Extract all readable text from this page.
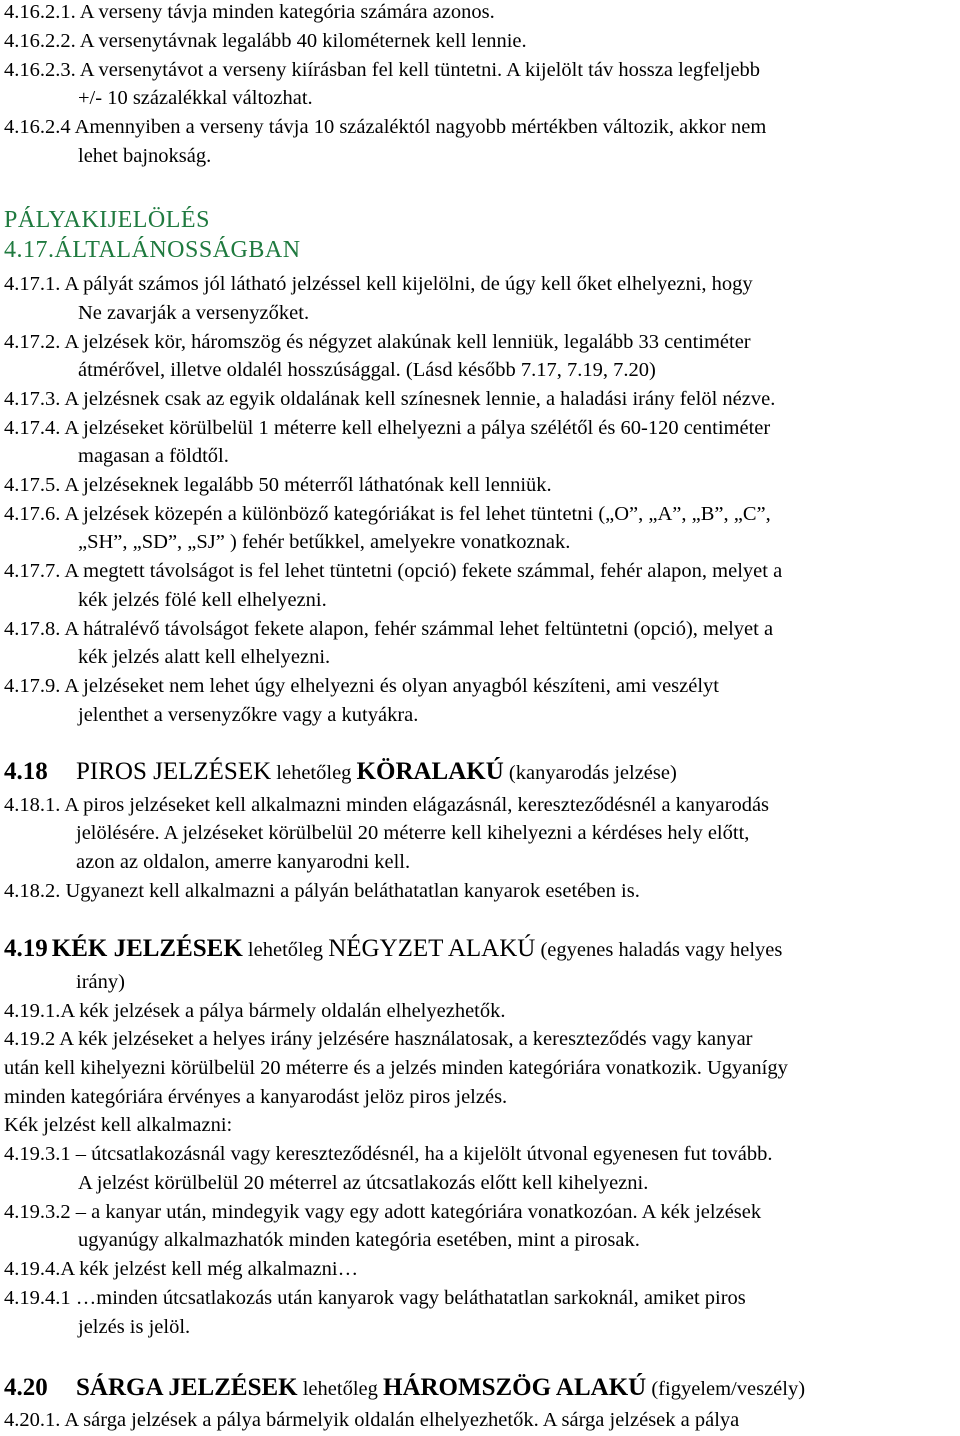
4.16.2.1. A verseny távja minden kategória számára azonos.
4.16.2.2. A versenytávnak legalább 40 kilométernek kell lennie.
4.16.2.3. A versenytávot a verseny kiírásban fel kell tüntetni. A kijelölt táv hossza legfeljebb
+/- 10 százalékkal változhat.
4.16.2.4 Amennyiben a verseny távja 10 százaléktól nagyobb mértékben változik, akkor nem
lehet bajnokság.
PÁLYAKIJELÖLÉS
4.17.ÁLTALÁNOSSÁGBAN
4.17.1. A pályát számos jól látható jelzéssel kell kijelölni, de úgy kell őket elhelyezni, hogy
Ne zavarják a versenyzőket.
4.17.2. A jelzések kör, háromszög és négyzet alakúnak kell lenniük, legalább 33 centiméter
átmérővel, illetve oldalél hosszúsággal. (Lásd később 7.17, 7.19, 7.20)
4.17.3. A jelzésnek csak az egyik oldalának kell színesnek lennie, a haladási irány felöl nézve.
4.17.4. A jelzéseket körülbelül 1 méterre kell elhelyezni a pálya szélétől és 60-120 centiméter
magasan a földtől.
4.17.5. A jelzéseknek legalább 50 méterről láthatónak kell lenniük.
4.17.6. A jelzések közepén a különböző kategóriákat is fel lehet tüntetni („O”, „A”, „B”, „C”,
„SH”, „SD”, „SJ” ) fehér betűkkel, amelyekre vonatkoznak.
4.17.7. A megtett távolságot is fel lehet tüntetni (opció) fekete számmal, fehér alapon, melyet a
kék jelzés fölé kell elhelyezni.
4.17.8. A hátralévő távolságot fekete alapon, fehér számmal lehet feltüntetni (opció), melyet a
kék jelzés alatt kell elhelyezni.
4.17.9. A jelzéseket nem lehet úgy elhelyezni és olyan anyagból készíteni, ami veszélyt
jelenthet a versenyzőkre vagy a kutyákra.
4.18 PIROS JELZÉSEK lehetőleg KÖRALAKÚ (kanyarodás jelzése)
4.18.1. A piros jelzéseket kell alkalmazni minden elágazásnál, kereszteződésnél a kanyarodás
jelölésére. A jelzéseket körülbelül 20 méterre kell kihelyezni a kérdéses hely előtt,
azon az oldalon, amerre kanyarodni kell.
4.18.2. Ugyanezt kell alkalmazni a pályán beláthatatlan kanyarok esetében is.
4.19 KÉK JELZÉSEK lehetőleg NÉGYZET ALAKÚ (egyenes haladás vagy helyes
irány)
4.19.1.A kék jelzések a pálya bármely oldalán elhelyezhetők.
4.19.2 A kék jelzéseket a helyes irány jelzésére használatosak, a kereszteződés vagy kanyar
után kell kihelyezni körülbelül 20 méterre és a jelzés minden kategóriára vonatkozik. Ugyanígy
minden kategóriára érvényes a kanyarodást jelöz piros jelzés.
Kék jelzést kell alkalmazni:
4.19.3.1 – útcsatlakozásnál vagy kereszteződésnél, ha a kijelölt útvonal egyenesen fut tovább.
A jelzést körülbelül 20 méterrel az útcsatlakozás előtt kell kihelyezni.
4.19.3.2 – a kanyar után, mindegyik vagy egy adott kategóriára vonatkozóan. A kék jelzések
ugyanúgy alkalmazhatók minden kategória esetében, mint a pirosak.
4.19.4.A kék jelzést kell még alkalmazni…
4.19.4.1 …minden útcsatlakozás után kanyarok vagy beláthatatlan sarkoknál, amiket piros
jelzés is jelöl.
4.20 SÁRGA JELZÉSEK lehetőleg HÁROMSZÖG ALAKÚ (figyelem/veszély)
4.20.1. A sárga jelzések a pálya bármelyik oldalán elhelyezhetők. A sárga jelzések a pálya
